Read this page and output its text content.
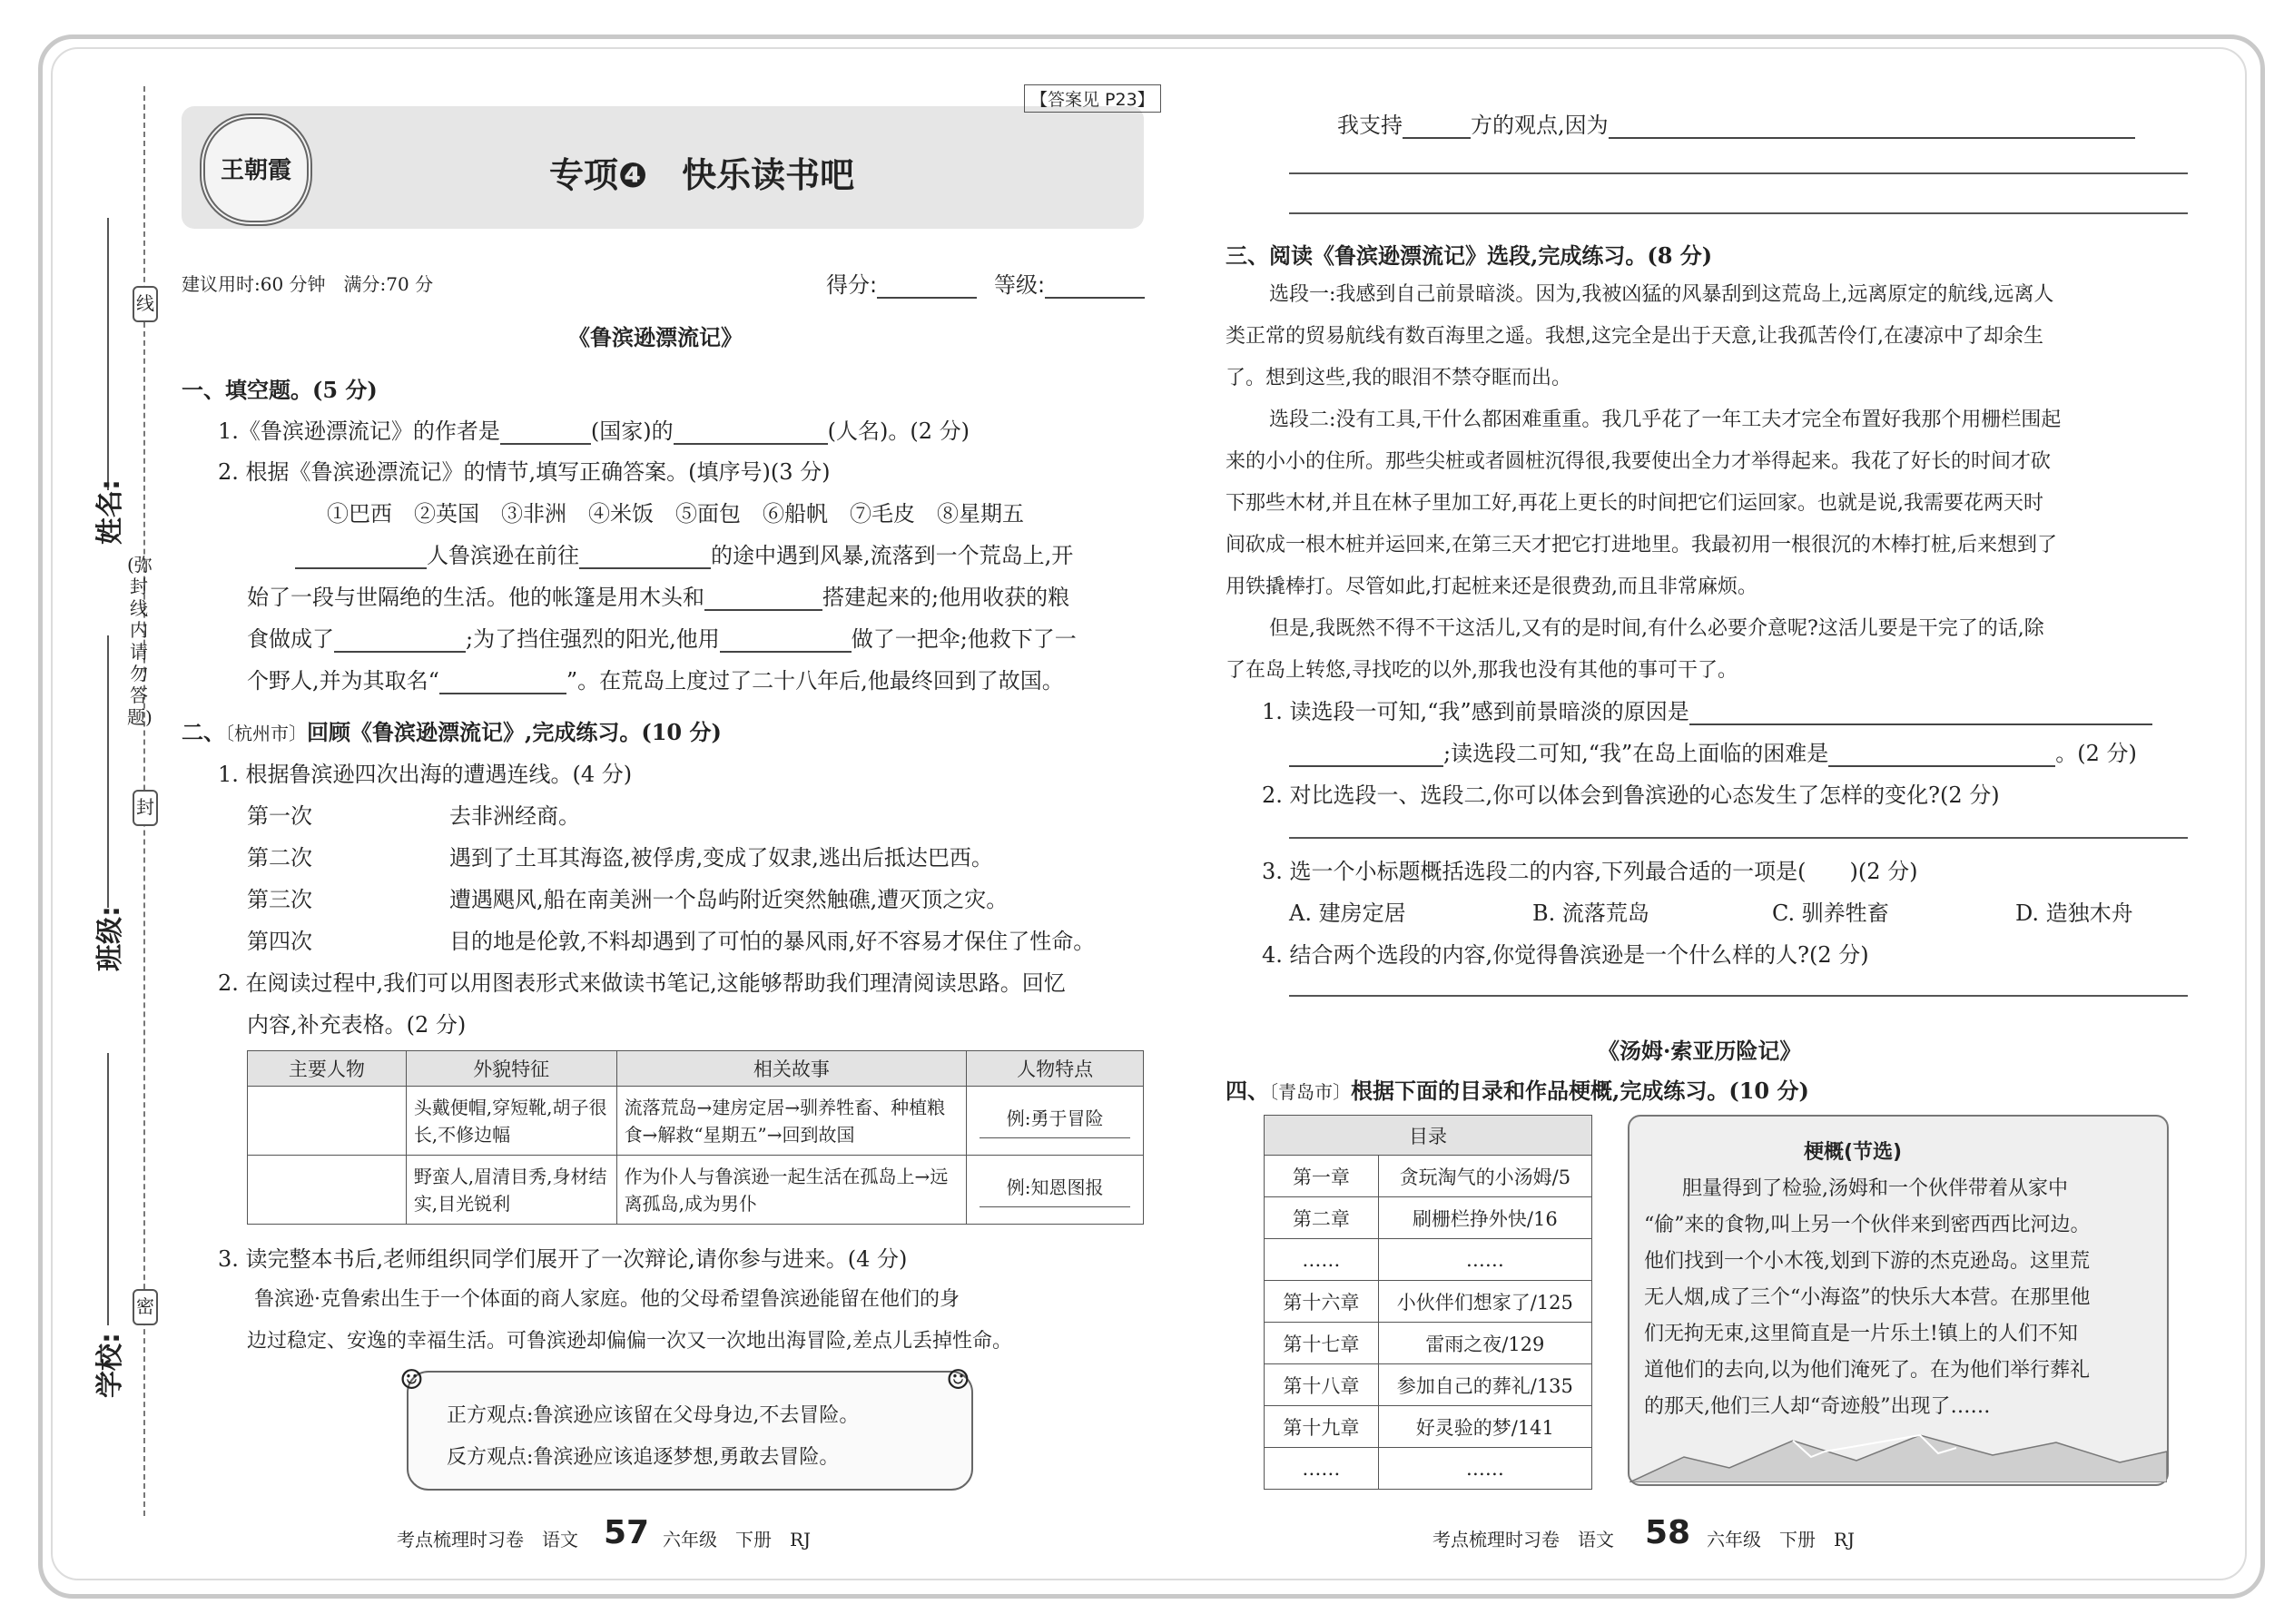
线
封
密
(弥封线内请勿答题)
姓名:
班级:
学校:
【答案见 P23】
王朝霞	专项❹　快乐读书吧
建议用时:60 分钟　满分:70 分	得分:	等级:
《鲁滨逊漂流记》
一、填空题。(5 分)
1.《鲁滨逊漂流记》的作者是	(国家)的	(人名)。(2 分)
2. 根据《鲁滨逊漂流记》的情节,填写正确答案。(填序号)(3 分)
①巴西　②英国　③非洲　④米饭　⑤面包　⑥船帆　⑦毛皮　⑧星期五
人鲁滨逊在前往	的途中遇到风暴,流落到一个荒岛上,开
始了一段与世隔绝的生活。他的帐篷是用木头和	搭建起来的;他用收获的粮
食做成了	;为了挡住强烈的阳光,他用	做了一把伞;他救下了一
个野人,并为其取名“	”。在荒岛上度过了二十八年后,他最终回到了故国。
二、〔杭州市〕回顾《鲁滨逊漂流记》,完成练习。(10 分)
1. 根据鲁滨逊四次出海的遭遇连线。(4 分)
第一次	去非洲经商。
第二次	遇到了土耳其海盗,被俘虏,变成了奴隶,逃出后抵达巴西。
第三次	遭遇飓风,船在南美洲一个岛屿附近突然触礁,遭灭顶之灾。
第四次	目的地是伦敦,不料却遇到了可怕的暴风雨,好不容易才保住了性命。
2. 在阅读过程中,我们可以用图表形式来做读书笔记,这能够帮助我们理清阅读思路。回忆
内容,补充表格。(2 分)
主要人物	外貌特征	相关故事	人物特点
	头戴便帽,穿短靴,胡子很长,不修边幅	流落荒岛→建房定居→驯养牲畜、种植粮食→解救“星期五”→回到故国	例:勇于冒险

	野蛮人,眉清目秀,身材结实,目光锐利	作为仆人与鲁滨逊一起生活在孤岛上→远离孤岛,成为男仆	例:知恩图报
3. 读完整本书后,老师组织同学们展开了一次辩论,请你参与进来。(4 分)
鲁滨逊·克鲁索出生于一个体面的商人家庭。他的父母希望鲁滨逊能留在他们的身
边过稳定、安逸的幸福生活。可鲁滨逊却偏偏一次又一次地出海冒险,差点儿丢掉性命。
正方观点:鲁滨逊应该留在父母身边,不去冒险。
反方观点:鲁滨逊应该追逐梦想,勇敢去冒险。
☺	☺
考点梳理时习卷　语文 57 六年级　下册　RJ
我支持	方的观点,因为
三、阅读《鲁滨逊漂流记》选段,完成练习。(8 分)
选段一:我感到自己前景暗淡。因为,我被凶猛的风暴刮到这荒岛上,远离原定的航线,远离人
类正常的贸易航线有数百海里之遥。我想,这完全是出于天意,让我孤苦伶仃,在凄凉中了却余生
了。想到这些,我的眼泪不禁夺眶而出。
选段二:没有工具,干什么都困难重重。我几乎花了一年工夫才完全布置好我那个用栅栏围起
来的小小的住所。那些尖桩或者圆桩沉得很,我要使出全力才举得起来。我花了好长的时间才砍
下那些木材,并且在林子里加工好,再花上更长的时间把它们运回家。也就是说,我需要花两天时
间砍成一根木桩并运回来,在第三天才把它打进地里。我最初用一根很沉的木棒打桩,后来想到了
用铁撬棒打。尽管如此,打起桩来还是很费劲,而且非常麻烦。
但是,我既然不得不干这活儿,又有的是时间,有什么必要介意呢?这活儿要是干完了的话,除
了在岛上转悠,寻找吃的以外,那我也没有其他的事可干了。
1. 读选段一可知,“我”感到前景暗淡的原因是
;读选段二可知,“我”在岛上面临的困难是	。(2 分)
2. 对比选段一、选段二,你可以体会到鲁滨逊的心态发生了怎样的变化?(2 分)
3. 选一个小标题概括选段二的内容,下列最合适的一项是(　　)(2 分)
A. 建房定居	B. 流落荒岛	C. 驯养牲畜	D. 造独木舟
4. 结合两个选段的内容,你觉得鲁滨逊是一个什么样的人?(2 分)
《汤姆·索亚历险记》
四、〔青岛市〕根据下面的目录和作品梗概,完成练习。(10 分)
目录	
第一章	贪玩淘气的小汤姆/5
第二章	刷栅栏挣外快/16
……	……
第十六章	小伙伴们想家了/125
第十七章	雷雨之夜/129
第十八章	参加自己的葬礼/135
第十九章	好灵验的梦/141
……	……
梗概(节选)
胆量得到了检验,汤姆和一个伙伴带着从家中
“偷”来的食物,叫上另一个伙伴来到密西西比河边。
他们找到一个小木筏,划到下游的杰克逊岛。这里荒
无人烟,成了三个“小海盗”的快乐大本营。在那里他
们无拘无束,这里简直是一片乐土!镇上的人们不知
道他们的去向,以为他们淹死了。在为他们举行葬礼
的那天,他们三人却“奇迹般”出现了……
考点梳理时习卷　语文 58 六年级　下册　RJ
